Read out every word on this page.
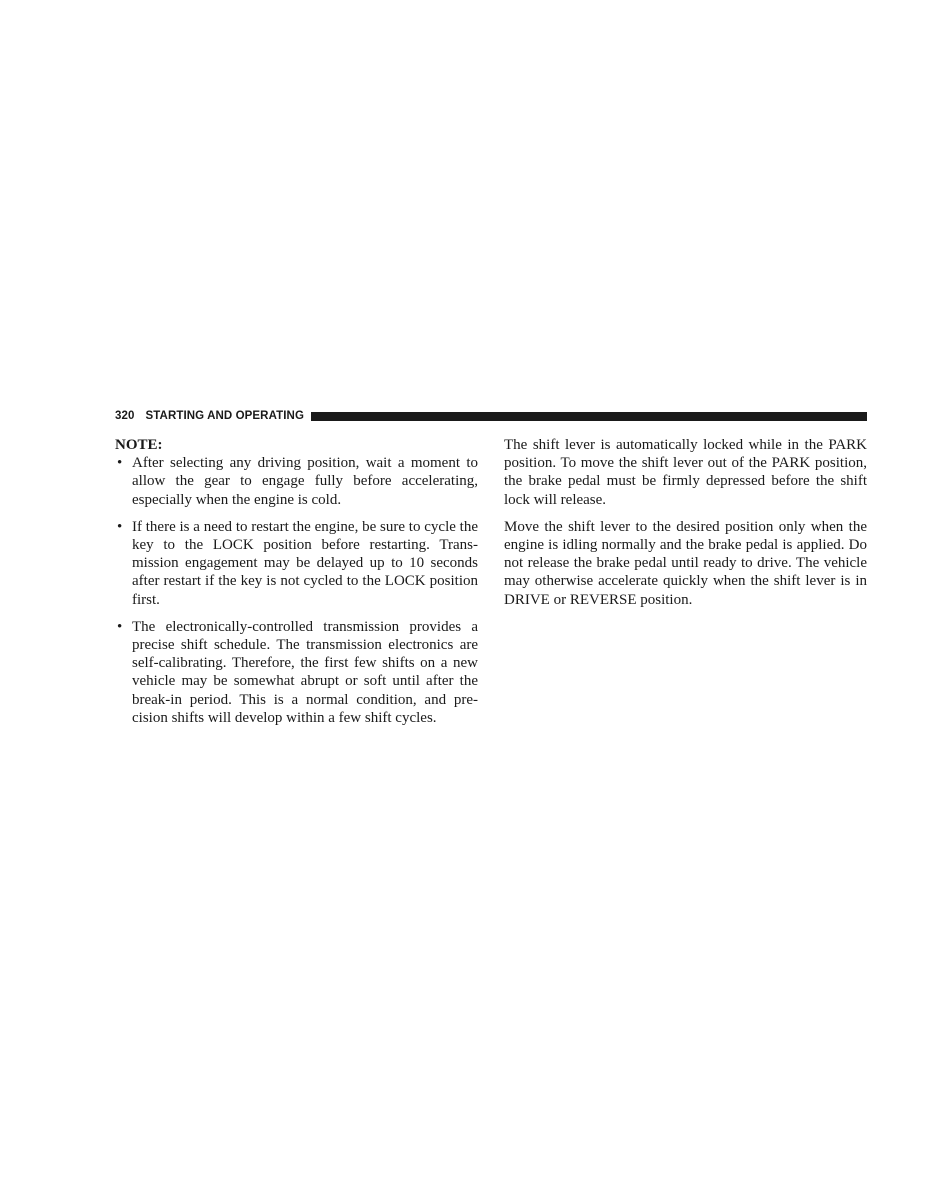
320 STARTING AND OPERATING
NOTE:
• After selecting any driving position, wait a moment to allow the gear to engage fully before accelerating, especially when the engine is cold.
• If there is a need to restart the engine, be sure to cycle the key to the LOCK position before restarting. Trans-mission engagement may be delayed up to 10 seconds after restart if the key is not cycled to the LOCK position first.
• The electronically-controlled transmission provides a precise shift schedule. The transmission electronics are self-calibrating. Therefore, the first few shifts on a new vehicle may be somewhat abrupt or soft until after the break-in period. This is a normal condition, and pre-cision shifts will develop within a few shift cycles.

The shift lever is automatically locked while in the PARK position. To move the shift lever out of the PARK position, the brake pedal must be firmly depressed before the shift lock will release.

Move the shift lever to the desired position only when the engine is idling normally and the brake pedal is applied. Do not release the brake pedal until ready to drive. The vehicle may otherwise accelerate quickly when the shift lever is in DRIVE or REVERSE position.
